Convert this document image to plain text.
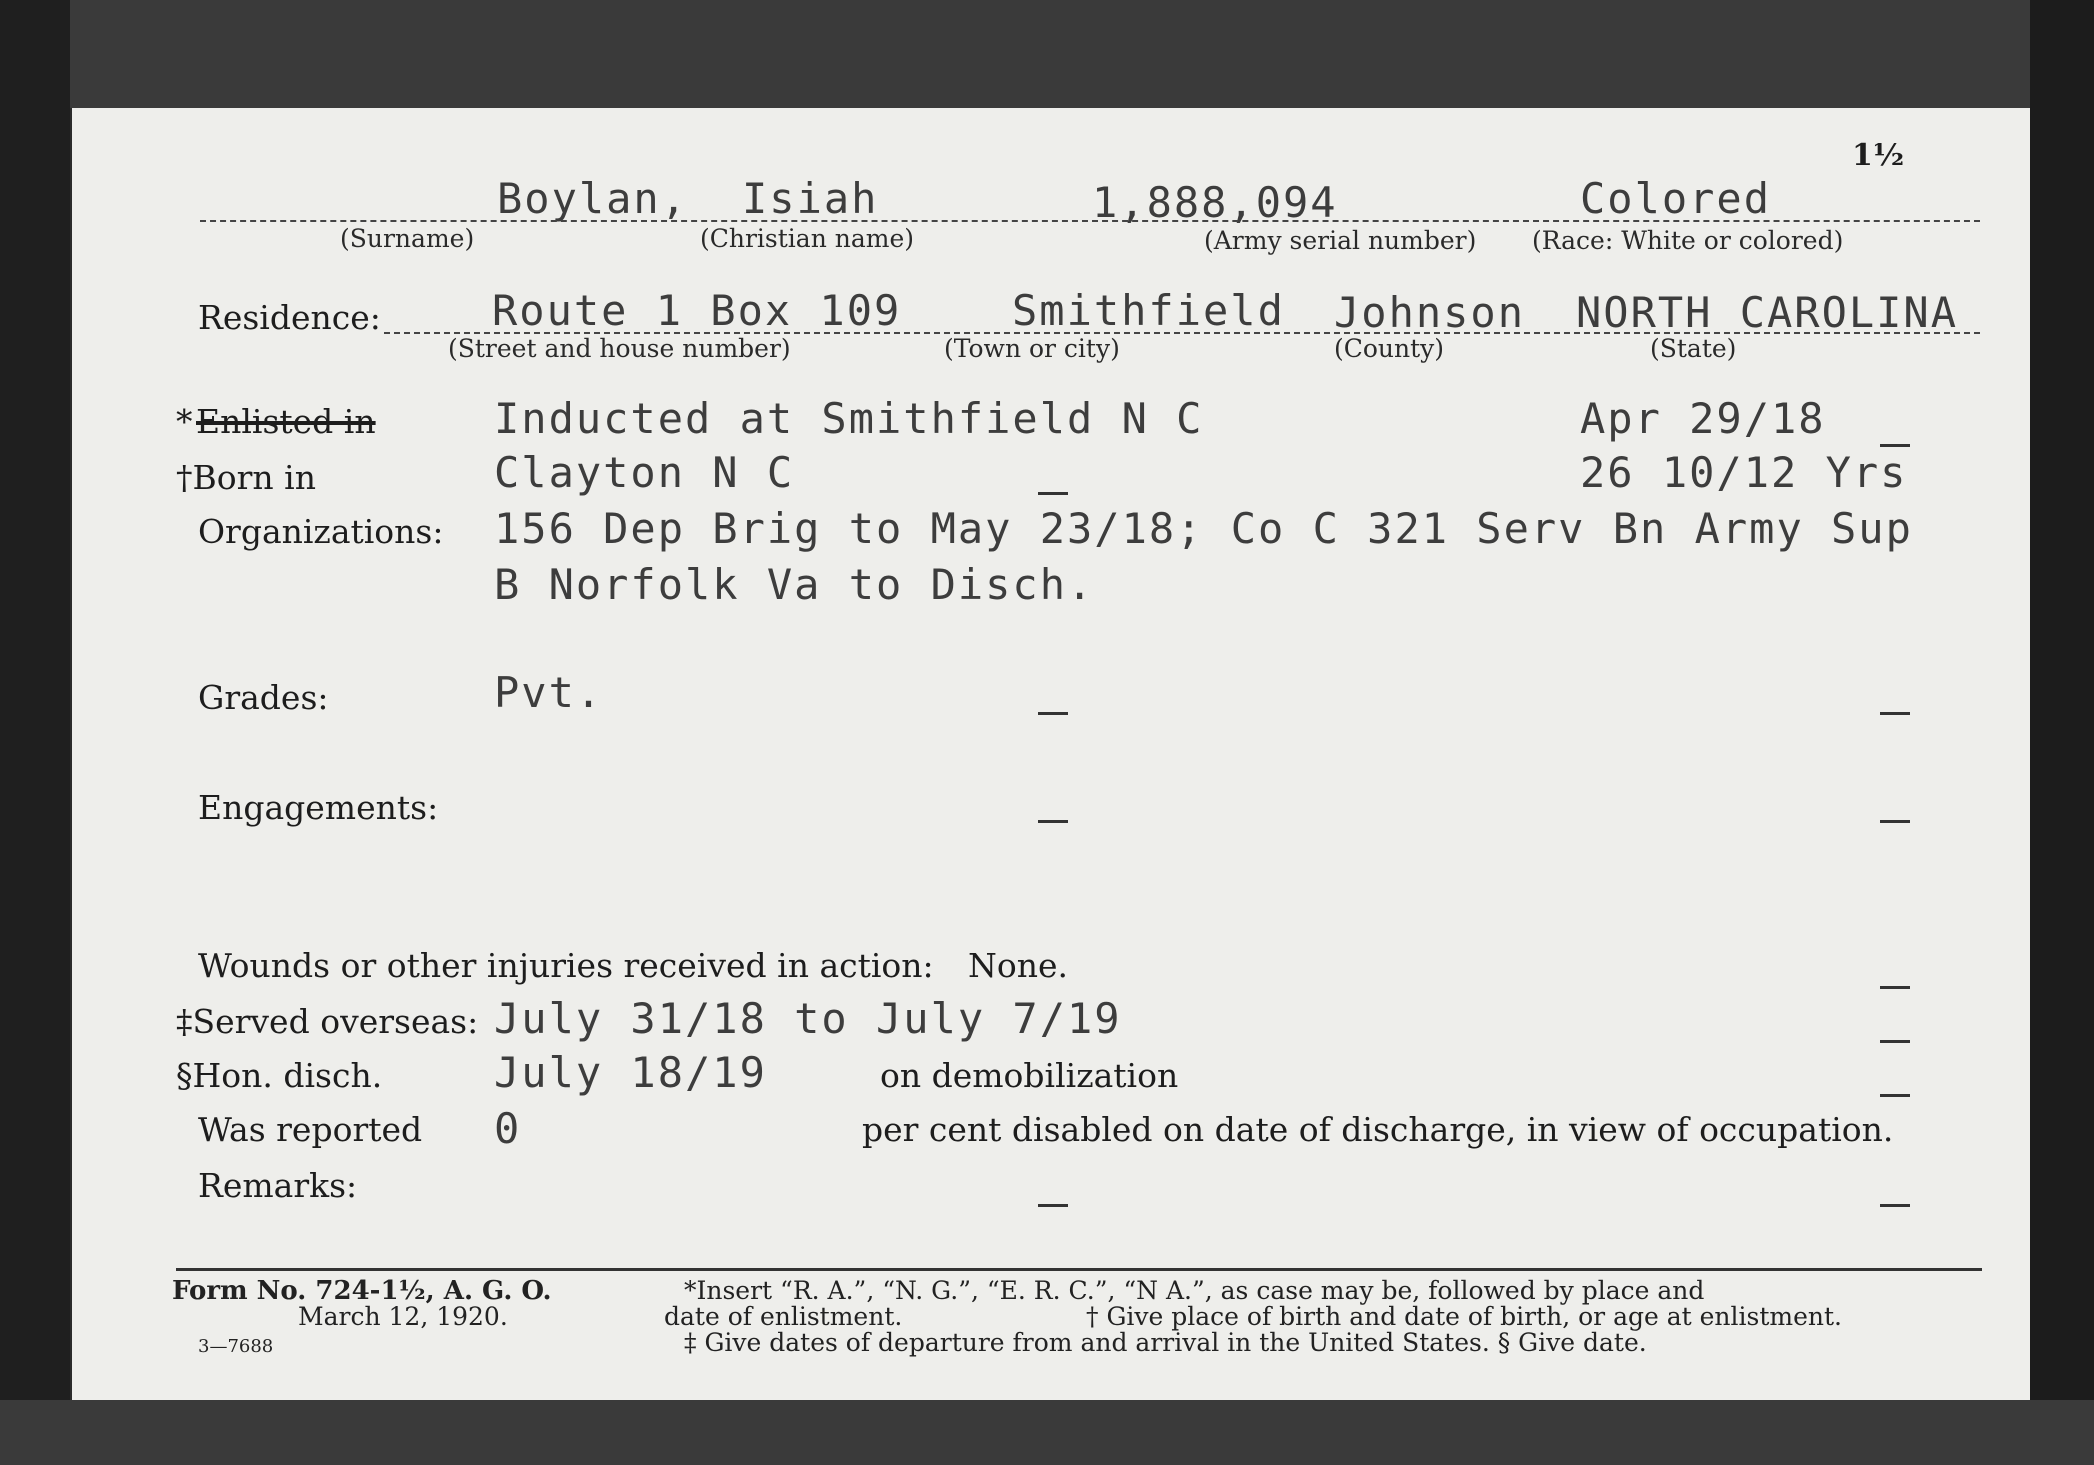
1½
Boylan, Isiah	1,888,094	Colored
(Surname)	(Christian name)	(Army serial number) (Race: White or colored)
Residence:	Route 1 Box 109	Smithfield Johnson NORTH CAROLINA
(Street and house number)	(Town or city)	(County)	(State)
* Enlisted in	Inducted at Smithfield N C	Apr 29/18
†Born in	Clayton N C	26 10/12 Yrs
Organizations: 156 Dep Brig to May 23/18; Co C 321 Serv Bn Army Sup
B Norfolk Va to Disch.
Grades:	Pvt.
Engagements:
Wounds or other injuries received in action: None.
‡Served overseas: July 31/18 to July 7/19
§Hon. disch.	July 18/19	on demobilization
Was reported 0	per cent disabled on date of discharge, in view of occupation.
Remarks:
Form No. 724-1½, A. G. O.
March 12, 1920.
3—7688
*Insert “R. A.”, “N. G.”, “E. R. C.”, “N A.”, as case may be, followed by place and
date of enlistment.	† Give place of birth and date of birth, or age at enlistment.
‡ Give dates of departure from and arrival in the United States. § Give date.
